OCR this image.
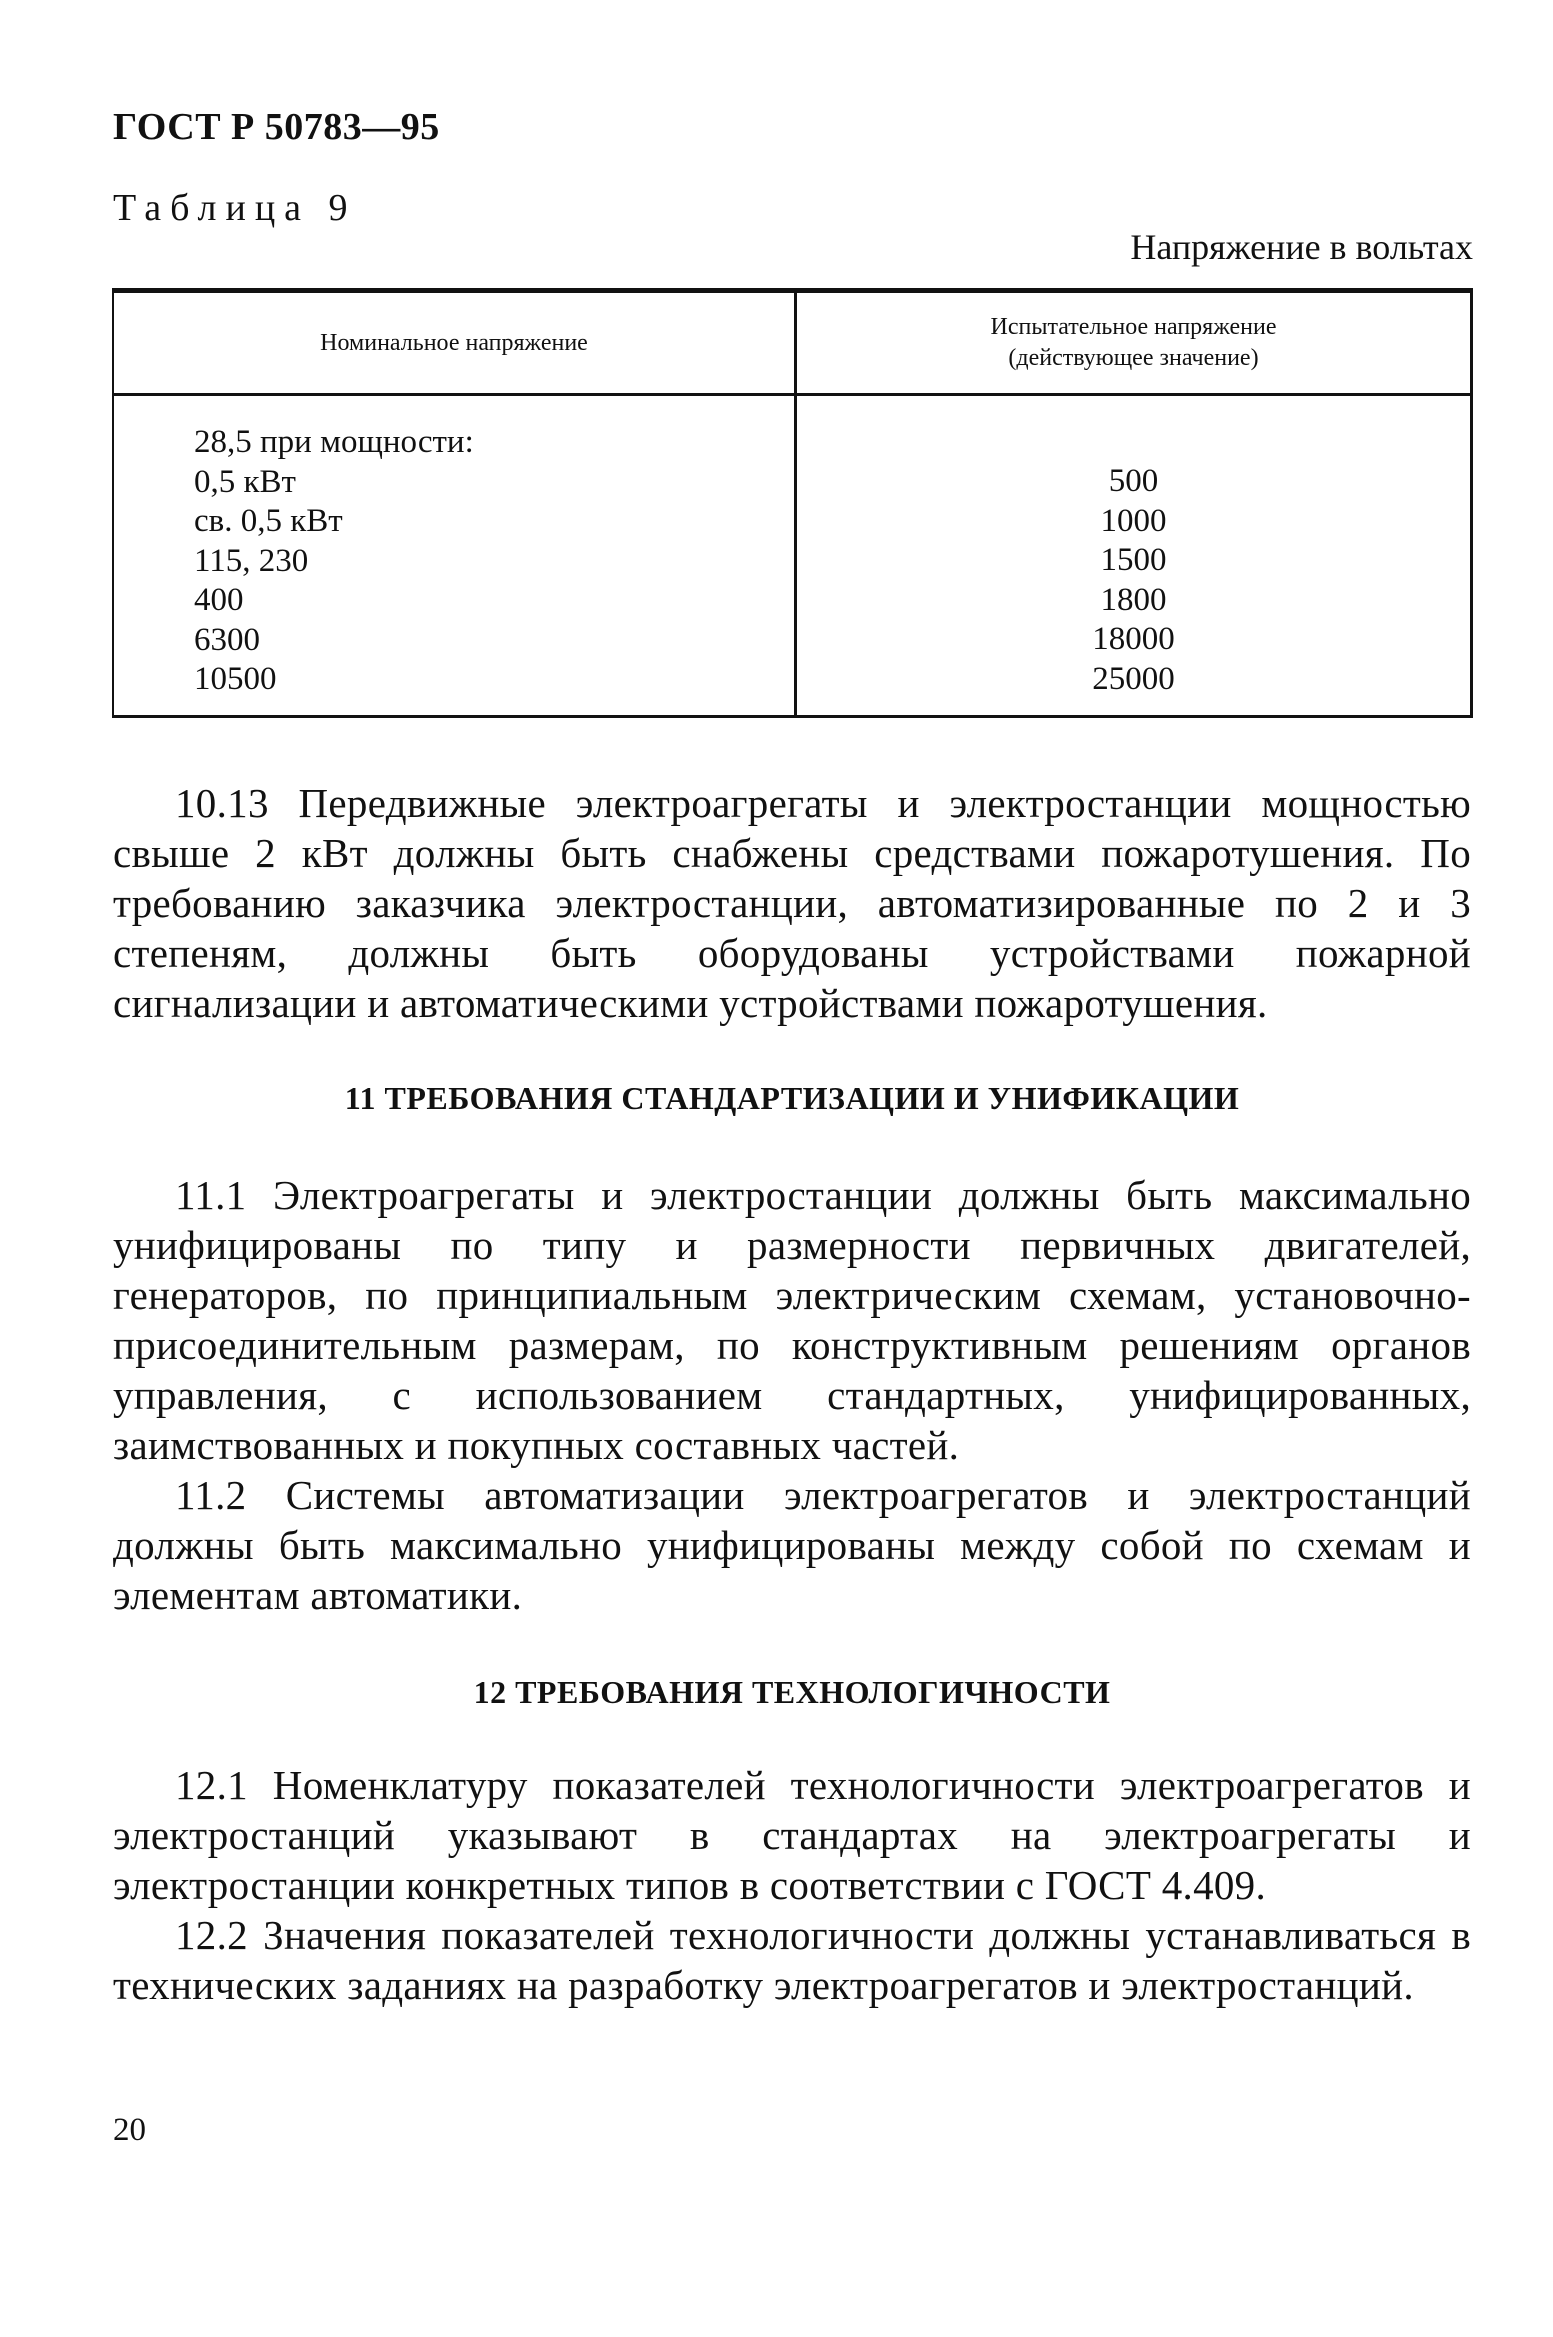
ГОСТ Р 50783—95
Таблица 9
Напряжение в вольтах
Номинальное напряжение
Испытательное напряжение
(действующее значение)
28,5 при мощности:
0,5 кВт
св. 0,5 кВт
115, 230
400
6300
10500
500
1000
1500
1800
18000
25000

10.13 Передвижные электроагрегаты и электростанции мощностью свыше 2 кВт должны быть снабжены средствами пожаротушения. По требованию заказчика электростанции, автоматизированные по 2 и 3 степеням, должны быть оборудованы устройствами пожарной сигнализации и автоматическими устройствами пожаротушения.

11 ТРЕБОВАНИЯ СТАНДАРТИЗАЦИИ И УНИФИКАЦИИ

11.1 Электроагрегаты и электростанции должны быть максимально унифицированы по типу и размерности первичных двигателей, генераторов, по принципиальным электрическим схемам, установочно-присоединительным размерам, по конструктивным решениям органов управления, с использованием стандартных, унифицированных, заимствованных и покупных составных частей.

11.2 Системы автоматизации электроагрегатов и электростанций должны быть максимально унифицированы между собой по схемам и элементам автоматики.

12 ТРЕБОВАНИЯ ТЕХНОЛОГИЧНОСТИ

12.1 Номенклатуру показателей технологичности электроагрегатов и электростанций указывают в стандартах на электроагрегаты и электростанции конкретных типов в соответствии с ГОСТ 4.409.

12.2 Значения показателей технологичности должны устанавливаться в технических заданиях на разработку электроагрегатов и электростанций.

20
